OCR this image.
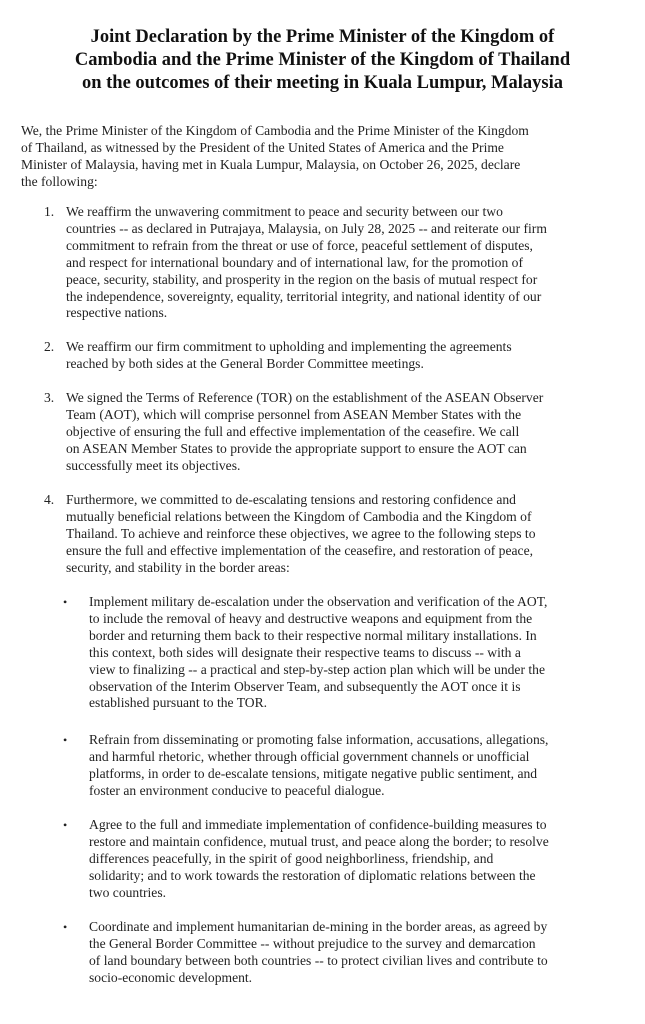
Joint Declaration by the Prime Minister of the Kingdom of
Cambodia and the Prime Minister of the Kingdom of Thailand
on the outcomes of their meeting in Kuala Lumpur, Malaysia
We, the Prime Minister of the Kingdom of Cambodia and the Prime Minister of the Kingdom
of Thailand, as witnessed by the President of the United States of America and the Prime
Minister of Malaysia, having met in Kuala Lumpur, Malaysia, on October 26, 2025, declare
the following:
1. We reaffirm the unwavering commitment to peace and security between our two
countries -- as declared in Putrajaya, Malaysia, on July 28, 2025 -- and reiterate our firm
commitment to refrain from the threat or use of force, peaceful settlement of disputes,
and respect for international boundary and of international law, for the promotion of
peace, security, stability, and prosperity in the region on the basis of mutual respect for
the independence, sovereignty, equality, territorial integrity, and national identity of our
respective nations.
2. We reaffirm our firm commitment to upholding and implementing the agreements
reached by both sides at the General Border Committee meetings.
3. We signed the Terms of Reference (TOR) on the establishment of the ASEAN Observer
Team (AOT), which will comprise personnel from ASEAN Member States with the
objective of ensuring the full and effective implementation of the ceasefire. We call
on ASEAN Member States to provide the appropriate support to ensure the AOT can
successfully meet its objectives.
4. Furthermore, we committed to de-escalating tensions and restoring confidence and
mutually beneficial relations between the Kingdom of Cambodia and the Kingdom of
Thailand. To achieve and reinforce these objectives, we agree to the following steps to
ensure the full and effective implementation of the ceasefire, and restoration of peace,
security, and stability in the border areas:
• Implement military de-escalation under the observation and verification of the AOT,
to include the removal of heavy and destructive weapons and equipment from the
border and returning them back to their respective normal military installations. In
this context, both sides will designate their respective teams to discuss -- with a
view to finalizing -- a practical and step-by-step action plan which will be under the
observation of the Interim Observer Team, and subsequently the AOT once it is
established pursuant to the TOR.
• Refrain from disseminating or promoting false information, accusations, allegations,
and harmful rhetoric, whether through official government channels or unofficial
platforms, in order to de-escalate tensions, mitigate negative public sentiment, and
foster an environment conducive to peaceful dialogue.
• Agree to the full and immediate implementation of confidence-building measures to
restore and maintain confidence, mutual trust, and peace along the border; to resolve
differences peacefully, in the spirit of good neighborliness, friendship, and
solidarity; and to work towards the restoration of diplomatic relations between the
two countries.
• Coordinate and implement humanitarian de-mining in the border areas, as agreed by
the General Border Committee -- without prejudice to the survey and demarcation
of land boundary between both countries -- to protect civilian lives and contribute to
socio-economic development.
